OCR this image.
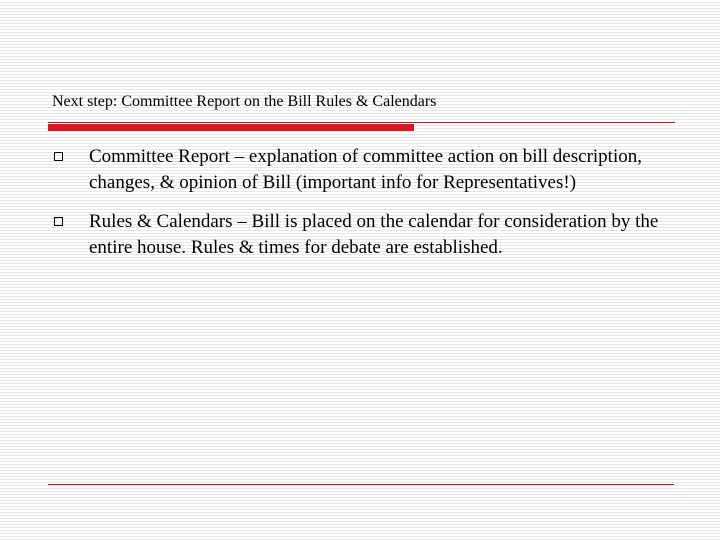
Next step: Committee Report on the Bill Rules & Calendars
Committee Report – explanation of committee action on bill description, changes, & opinion of Bill (important info for Representatives!)
Rules & Calendars – Bill is placed on the calendar for consideration by the entire house. Rules & times for debate are established.
